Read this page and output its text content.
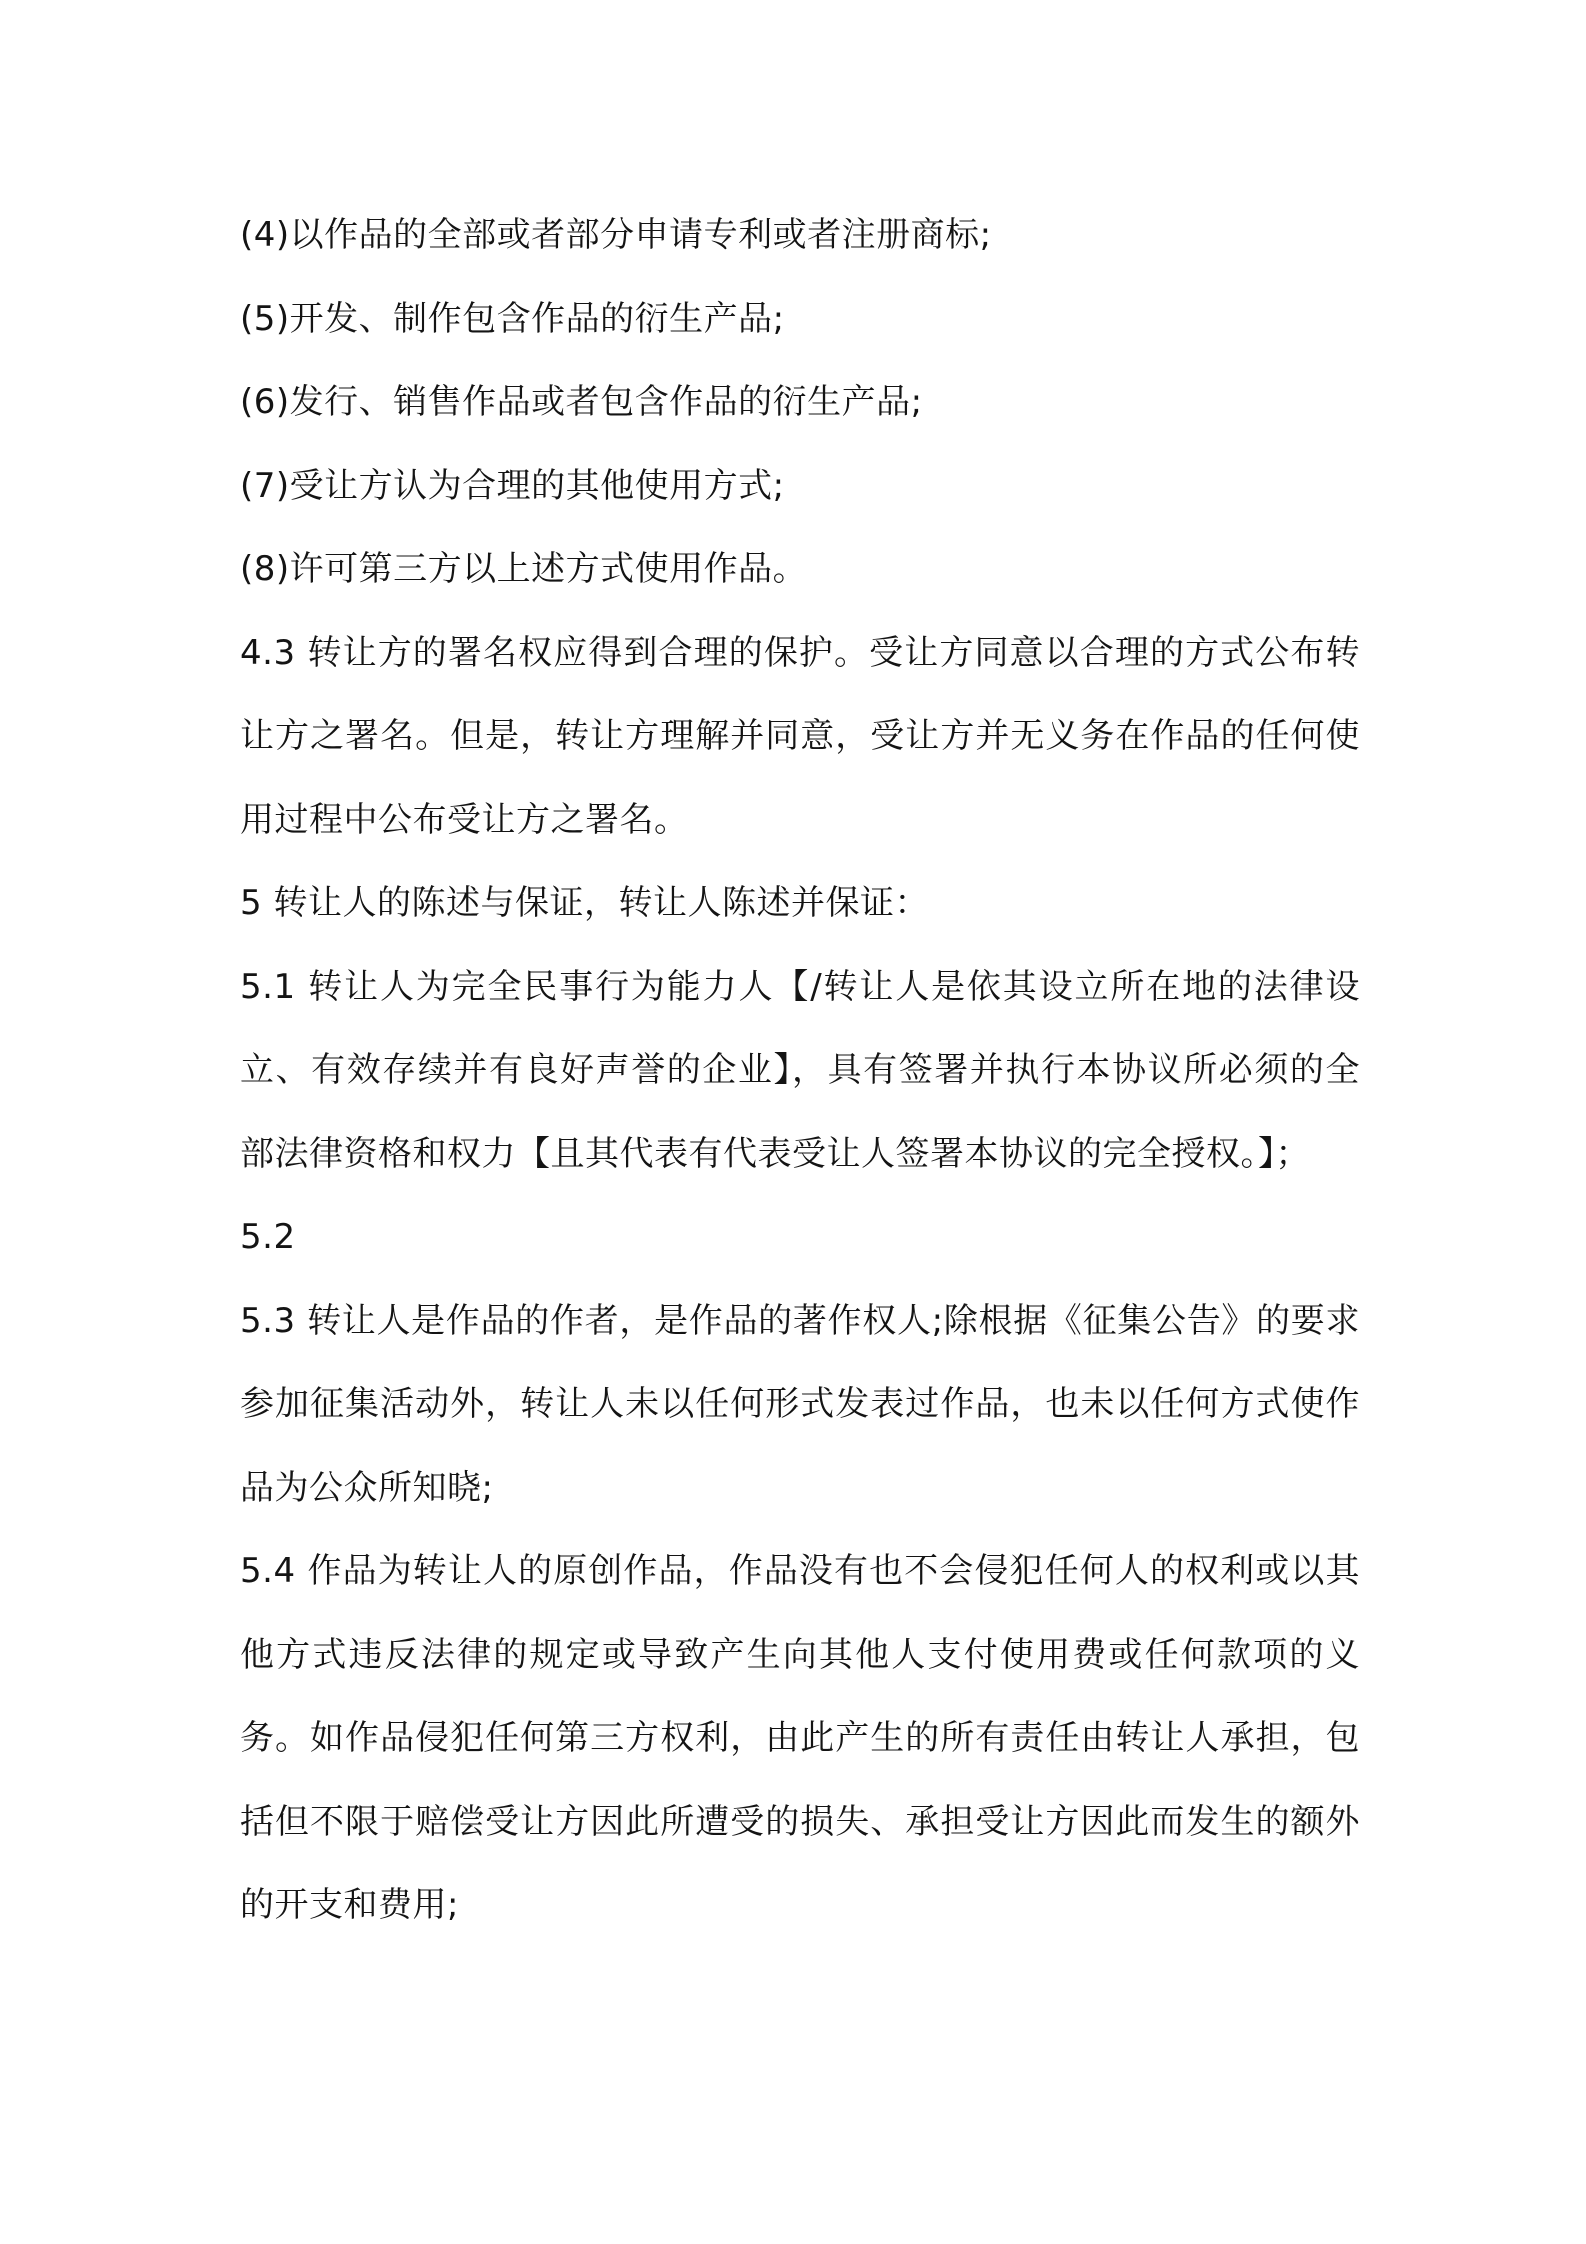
(4)以作品的全部或者部分申请专利或者注册商标;

(5)开发、制作包含作品的衍生产品;

(6)发行、销售作品或者包含作品的衍生产品;

(7)受让方认为合理的其他使用方式;

(8)许可第三方以上述方式使用作品。

4.3 转让方的署名权应得到合理的保护。受让方同意以合理的方式公布转让方之署名。但是，转让方理解并同意，受让方并无义务在作品的任何使用过程中公布受让方之署名。

5 转让人的陈述与保证，转让人陈述并保证：

5.1 转让人为完全民事行为能力人【/转让人是依其设立所在地的法律设立、有效存续并有良好声誉的企业】，具有签署并执行本协议所必须的全部法律资格和权力【且其代表有代表受让人签署本协议的完全授权。】；

5.2

5.3 转让人是作品的作者，是作品的著作权人;除根据《征集公告》的要求参加征集活动外，转让人未以任何形式发表过作品，也未以任何方式使作品为公众所知晓;

5.4 作品为转让人的原创作品，作品没有也不会侵犯任何人的权利或以其他方式违反法律的规定或导致产生向其他人支付使用费或任何款项的义务。如作品侵犯任何第三方权利，由此产生的所有责任由转让人承担，包括但不限于赔偿受让方因此所遭受的损失、承担受让方因此而发生的额外的开支和费用;
